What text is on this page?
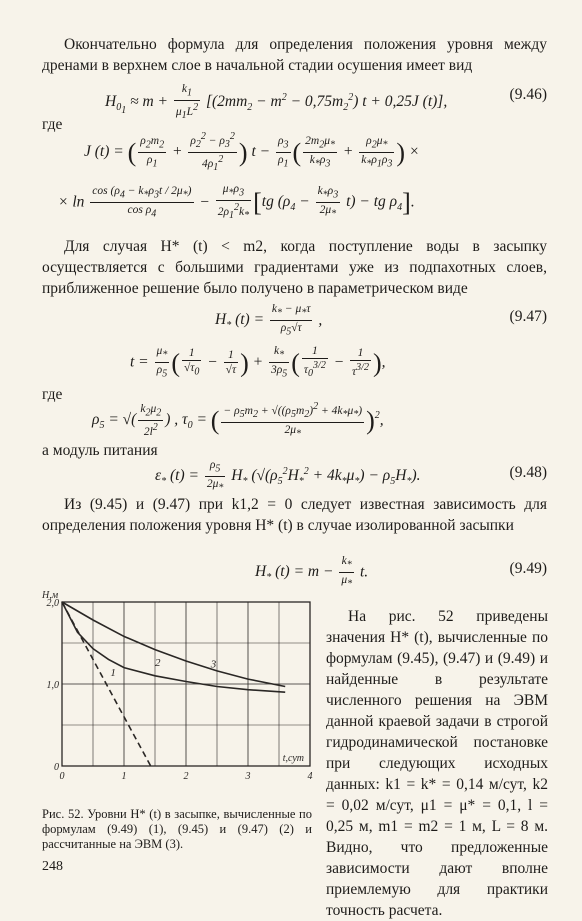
Окончательно формула для определения положения уровня между дренами в верхнем слое в начальной стадии осушения имеет вид

$H_{0_1} \approx m + \frac{k_1}{\mu_1L^2} [(2mm_2 - m^2 - 0,75m_2^2) t + 0,25J$ (t)],	(9.46)
где
J (t) = ( $\frac{\rho_2m_2}{\rho_1} + \frac{\rho_2^2 - \rho_3^2}{4\rho_1^2}$ ) $t - \frac{\rho_3}{\rho_1}$ ( $\frac{2m_2\mu_*}{k_*\rho_3} + \frac{\rho_2\mu_*}{k_*\rho_1\rho_3}$ ) ×
× $\ln \frac{\cos (\rho_4 - k_*\rho_3t / 2\mu_*)}{\cos \rho_4} - \frac{\mu_*\rho_3}{2\rho_1^2k_*} [tg$ $(\rho_4 - \frac{k_*\rho_3}{2\mu_*} t)$ − tg $\rho_4$].

Для случая H* (t) < m2, когда поступление воды в засыпку осуществляется с большими градиентами уже из подпахотных слоев, приближенное решение было получено в параметрическом виде

$H_*$ $(t) = \frac{k_* - \mu_*\tau}{\rho_5√\tau}$ ,	(9.47)
$t = \frac{\mu_*}{\rho_5}$ ( $\frac{1}{√\tau_0} - \frac{1}{√\tau}$ ) + $\frac{k_*}{3\rho_5}$ ( $\frac{1}{\tau_0^{3/2}} - \frac{1}{\tau^{3/2}}$ ),
где
$\rho_5$ = √( $\frac{k_2\mu_2}{2l^2}$ ) , $\tau_0$ = ( $\frac{- \rho_5m_2 + √((\rho_5m_2)^2 + 4k_*\mu_*)}{2\mu_*} )^2$,
а модуль питания
$\varepsilon_*$ $(t) = \frac{\rho_5}{2\mu_*} H_*$ $(√(\rho_5^2H_*^2 + 4k_*\mu_*) - \rho_5H_*)$.	(9.48)

Из (9.45) и (9.47) при k1,2 = 0 следует известная зависимость для определения положения уровня H* (t) в случае изолированной засыпки

$H_*$ $(t) = m - \frac{k_*}{\mu_*} t$.	(9.49)
0	1	2	3	4
0
1,0
2,0
H,м
t,сут
1
2	3

Рис. 52. Уровни H* (t) в засыпке, вычисленные по формулам (9.49) (1), (9.45) и (9.47) (2) и рассчитанные на ЭВМ (3).

На рис. 52 приведены значения H* (t), вычисленные по формулам (9.45), (9.47) и (9.49) и найденные в результате численного решения на ЭВМ данной краевой задачи в строгой гидродинамической постановке при следующих исходных данных: k1 = k* = 0,14 м/сут, k2 = 0,02 м/сут, μ1 = μ* = 0,1, l = 0,25 м, m1 = m2 = 1 м, L = 8 м. Видно, что предложенные зависимости дают вполне приемлемую для практики точность расчета.

248
